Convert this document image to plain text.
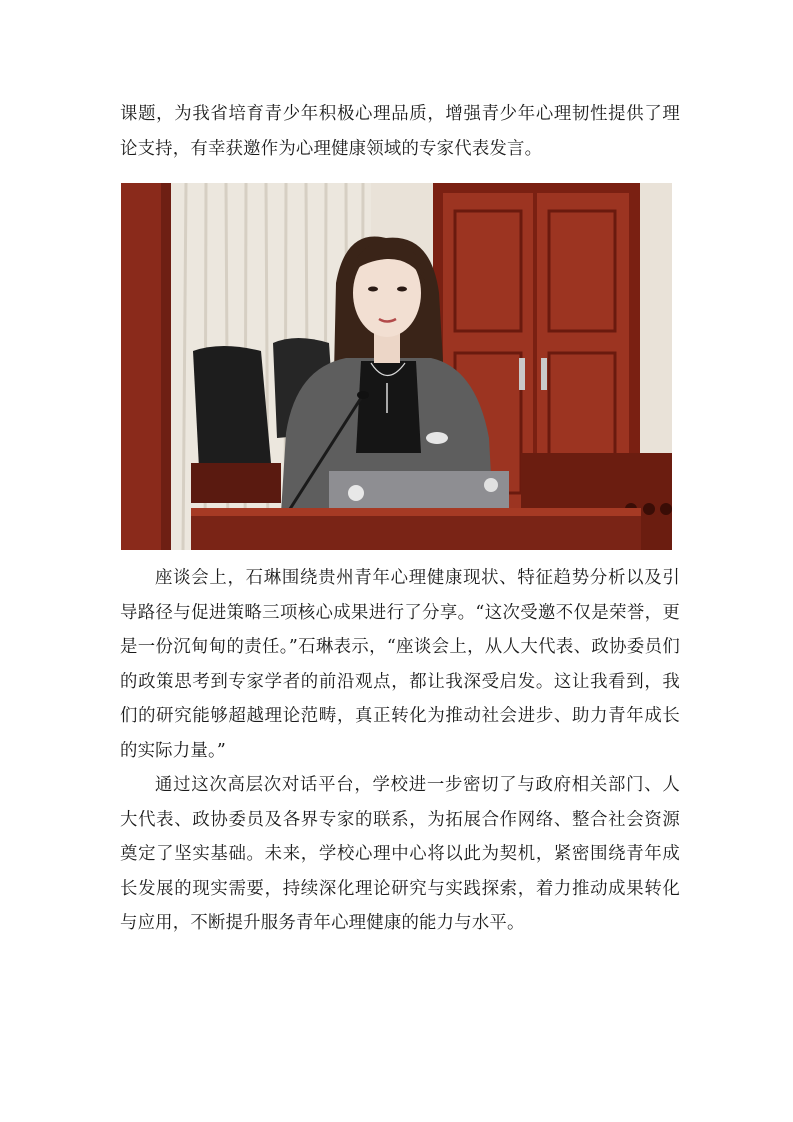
课题，为我省培育青少年积极心理品质，增强青少年心理韧性提供了理论支持，有幸获邀作为心理健康领域的专家代表发言。

座谈会上，石琳围绕贵州青年心理健康现状、特征趋势分析以及引导路径与促进策略三项核心成果进行了分享。“这次受邀不仅是荣誉，更是一份沉甸甸的责任。”石琳表示，“座谈会上，从人大代表、政协委员们的政策思考到专家学者的前沿观点，都让我深受启发。这让我看到，我们的研究能够超越理论范畴，真正转化为推动社会进步、助力青年成长的实际力量。”

通过这次高层次对话平台，学校进一步密切了与政府相关部门、人大代表、政协委员及各界专家的联系，为拓展合作网络、整合社会资源奠定了坚实基础。未来，学校心理中心将以此为契机，紧密围绕青年成长发展的现实需要，持续深化理论研究与实践探索，着力推动成果转化与应用，不断提升服务青年心理健康的能力与水平。
